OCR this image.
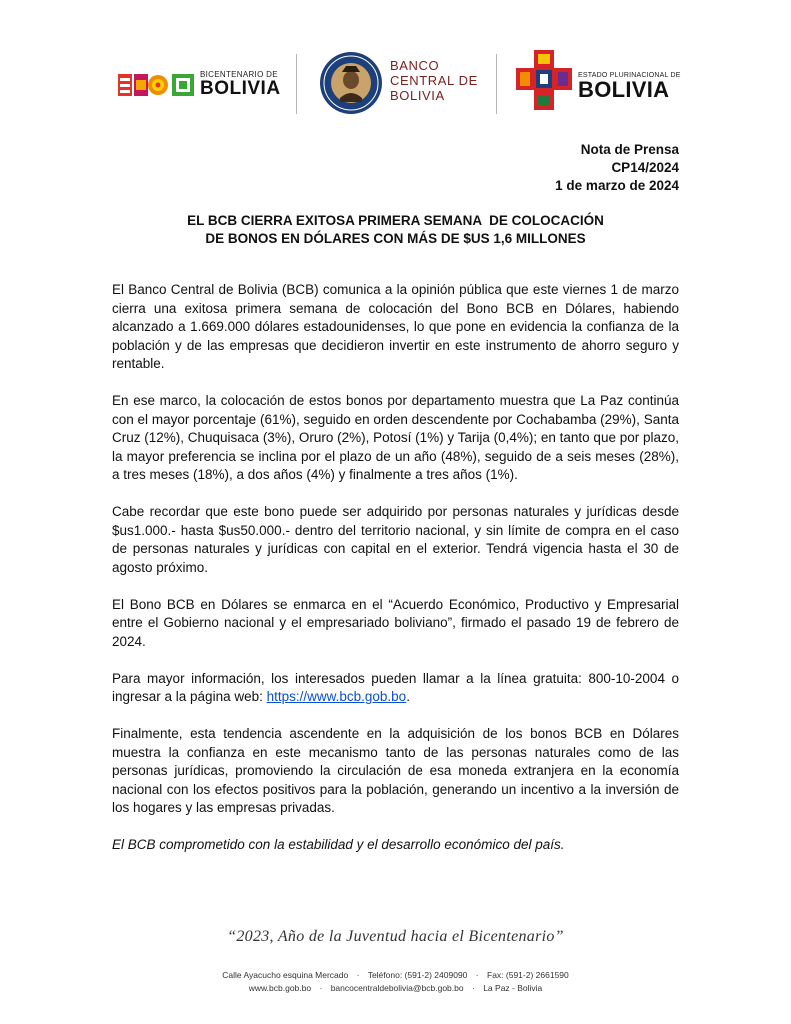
BICENTENARIO DE
BOLIVIA
BANCO
CENTRAL DE
BOLIVIA
ESTADO PLURINACIONAL DE
BOLIVIA
Nota de Prensa
CP14/2024
1 de marzo de 2024
EL BCB CIERRA EXITOSA PRIMERA SEMANA  DE COLOCACIÓN
DE BONOS EN DÓLARES CON MÁS DE $US 1,6 MILLONES

El Banco Central de Bolivia (BCB) comunica a la opinión pública que este viernes 1 de marzo cierra una exitosa primera semana de colocación del Bono BCB en Dólares, habiendo alcanzado a 1.669.000 dólares estadounidenses, lo que pone en evidencia la confianza de la población y de las empresas que decidieron invertir en este instrumento de ahorro seguro y rentable.

En ese marco, la colocación de estos bonos por departamento muestra que La Paz continúa con el mayor porcentaje (61%), seguido en orden descendente por Cochabamba (29%), Santa Cruz (12%), Chuquisaca (3%), Oruro (2%), Potosí (1%) y Tarija (0,4%); en tanto que por plazo, la mayor preferencia se inclina por el plazo de un año (48%), seguido de a seis meses (28%), a tres meses (18%), a dos años (4%) y finalmente a tres años (1%).

Cabe recordar que este bono puede ser adquirido por personas naturales y jurídicas desde $us1.000.- hasta $us50.000.- dentro del territorio nacional, y sin límite de compra en el caso de personas naturales y jurídicas con capital en el exterior. Tendrá vigencia hasta el 30 de agosto próximo.

El Bono BCB en Dólares se enmarca en el “Acuerdo Económico, Productivo y Empresarial entre el Gobierno nacional y el empresariado boliviano”, firmado el pasado 19 de febrero de 2024.

Para mayor información, los interesados pueden llamar a la línea gratuita: 800-10-2004 o ingresar a la página web: https://www.bcb.gob.bo.

Finalmente, esta tendencia ascendente en la adquisición de los bonos BCB en Dólares muestra la confianza en este mecanismo tanto de las personas naturales como de las personas jurídicas, promoviendo la circulación de esa moneda extranjera en la economía nacional con los efectos positivos para la población, generando un incentivo a la inversión de los hogares y las empresas privadas.

El BCB comprometido con la estabilidad y el desarrollo económico del país.

“2023, Año de la Juventud hacia el Bicentenario”
Calle Ayacucho esquina Mercado · Teléfono: (591-2) 2409090 · Fax: (591-2) 2661590
www.bcb.gob.bo · bancocentraldebolivia@bcb.gob.bo · La Paz - Bolivia
